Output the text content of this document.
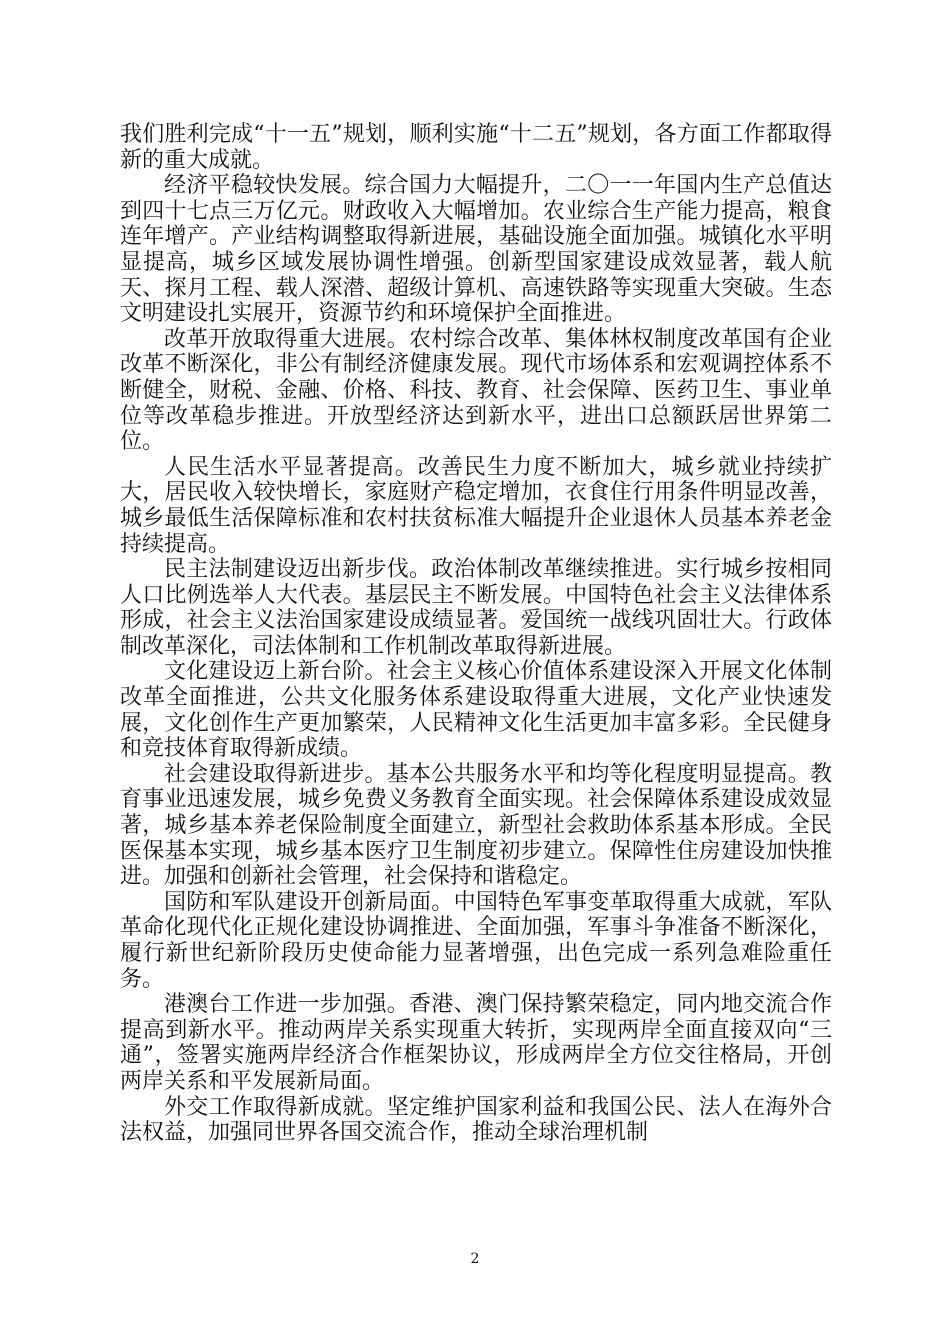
我们胜利完成“十一五”规划，顺利实施“十二五”规划，各方面工作都取得新的重大成就。

经济平稳较快发展。综合国力大幅提升，二〇一一年国内生产总值达到四十七点三万亿元。财政收入大幅增加。农业综合生产能力提高，粮食连年增产。产业结构调整取得新进展，基础设施全面加强。城镇化水平明显提高，城乡区域发展协调性增强。创新型国家建设成效显著，载人航天、探月工程、载人深潜、超级计算机、高速铁路等实现重大突破。生态文明建设扎实展开，资源节约和环境保护全面推进。

改革开放取得重大进展。农村综合改革、集体林权制度改革国有企业改革不断深化，非公有制经济健康发展。现代市场体系和宏观调控体系不断健全，财税、金融、价格、科技、教育、社会保障、医药卫生、事业单位等改革稳步推进。开放型经济达到新水平，进出口总额跃居世界第二位。

人民生活水平显著提高。改善民生力度不断加大，城乡就业持续扩大，居民收入较快增长，家庭财产稳定增加，衣食住行用条件明显改善，城乡最低生活保障标准和农村扶贫标准大幅提升企业退休人员基本养老金持续提高。

民主法制建设迈出新步伐。政治体制改革继续推进。实行城乡按相同人口比例选举人大代表。基层民主不断发展。中国特色社会主义法律体系形成，社会主义法治国家建设成绩显著。爱国统一战线巩固壮大。行政体制改革深化，司法体制和工作机制改革取得新进展。

文化建设迈上新台阶。社会主义核心价值体系建设深入开展文化体制改革全面推进，公共文化服务体系建设取得重大进展，文化产业快速发展，文化创作生产更加繁荣，人民精神文化生活更加丰富多彩。全民健身和竞技体育取得新成绩。

社会建设取得新进步。基本公共服务水平和均等化程度明显提高。教育事业迅速发展，城乡免费义务教育全面实现。社会保障体系建设成效显著，城乡基本养老保险制度全面建立，新型社会救助体系基本形成。全民医保基本实现，城乡基本医疗卫生制度初步建立。保障性住房建设加快推进。加强和创新社会管理，社会保持和谐稳定。

国防和军队建设开创新局面。中国特色军事变革取得重大成就，军队革命化现代化正规化建设协调推进、全面加强，军事斗争准备不断深化，履行新世纪新阶段历史使命能力显著增强，出色完成一系列急难险重任务。

港澳台工作进一步加强。香港、澳门保持繁荣稳定，同内地交流合作提高到新水平。推动两岸关系实现重大转折，实现两岸全面直接双向“三通”，签署实施两岸经济合作框架协议，形成两岸全方位交往格局，开创两岸关系和平发展新局面。

外交工作取得新成就。坚定维护国家利益和我国公民、法人在海外合法权益，加强同世界各国交流合作，推动全球治理机制

2
